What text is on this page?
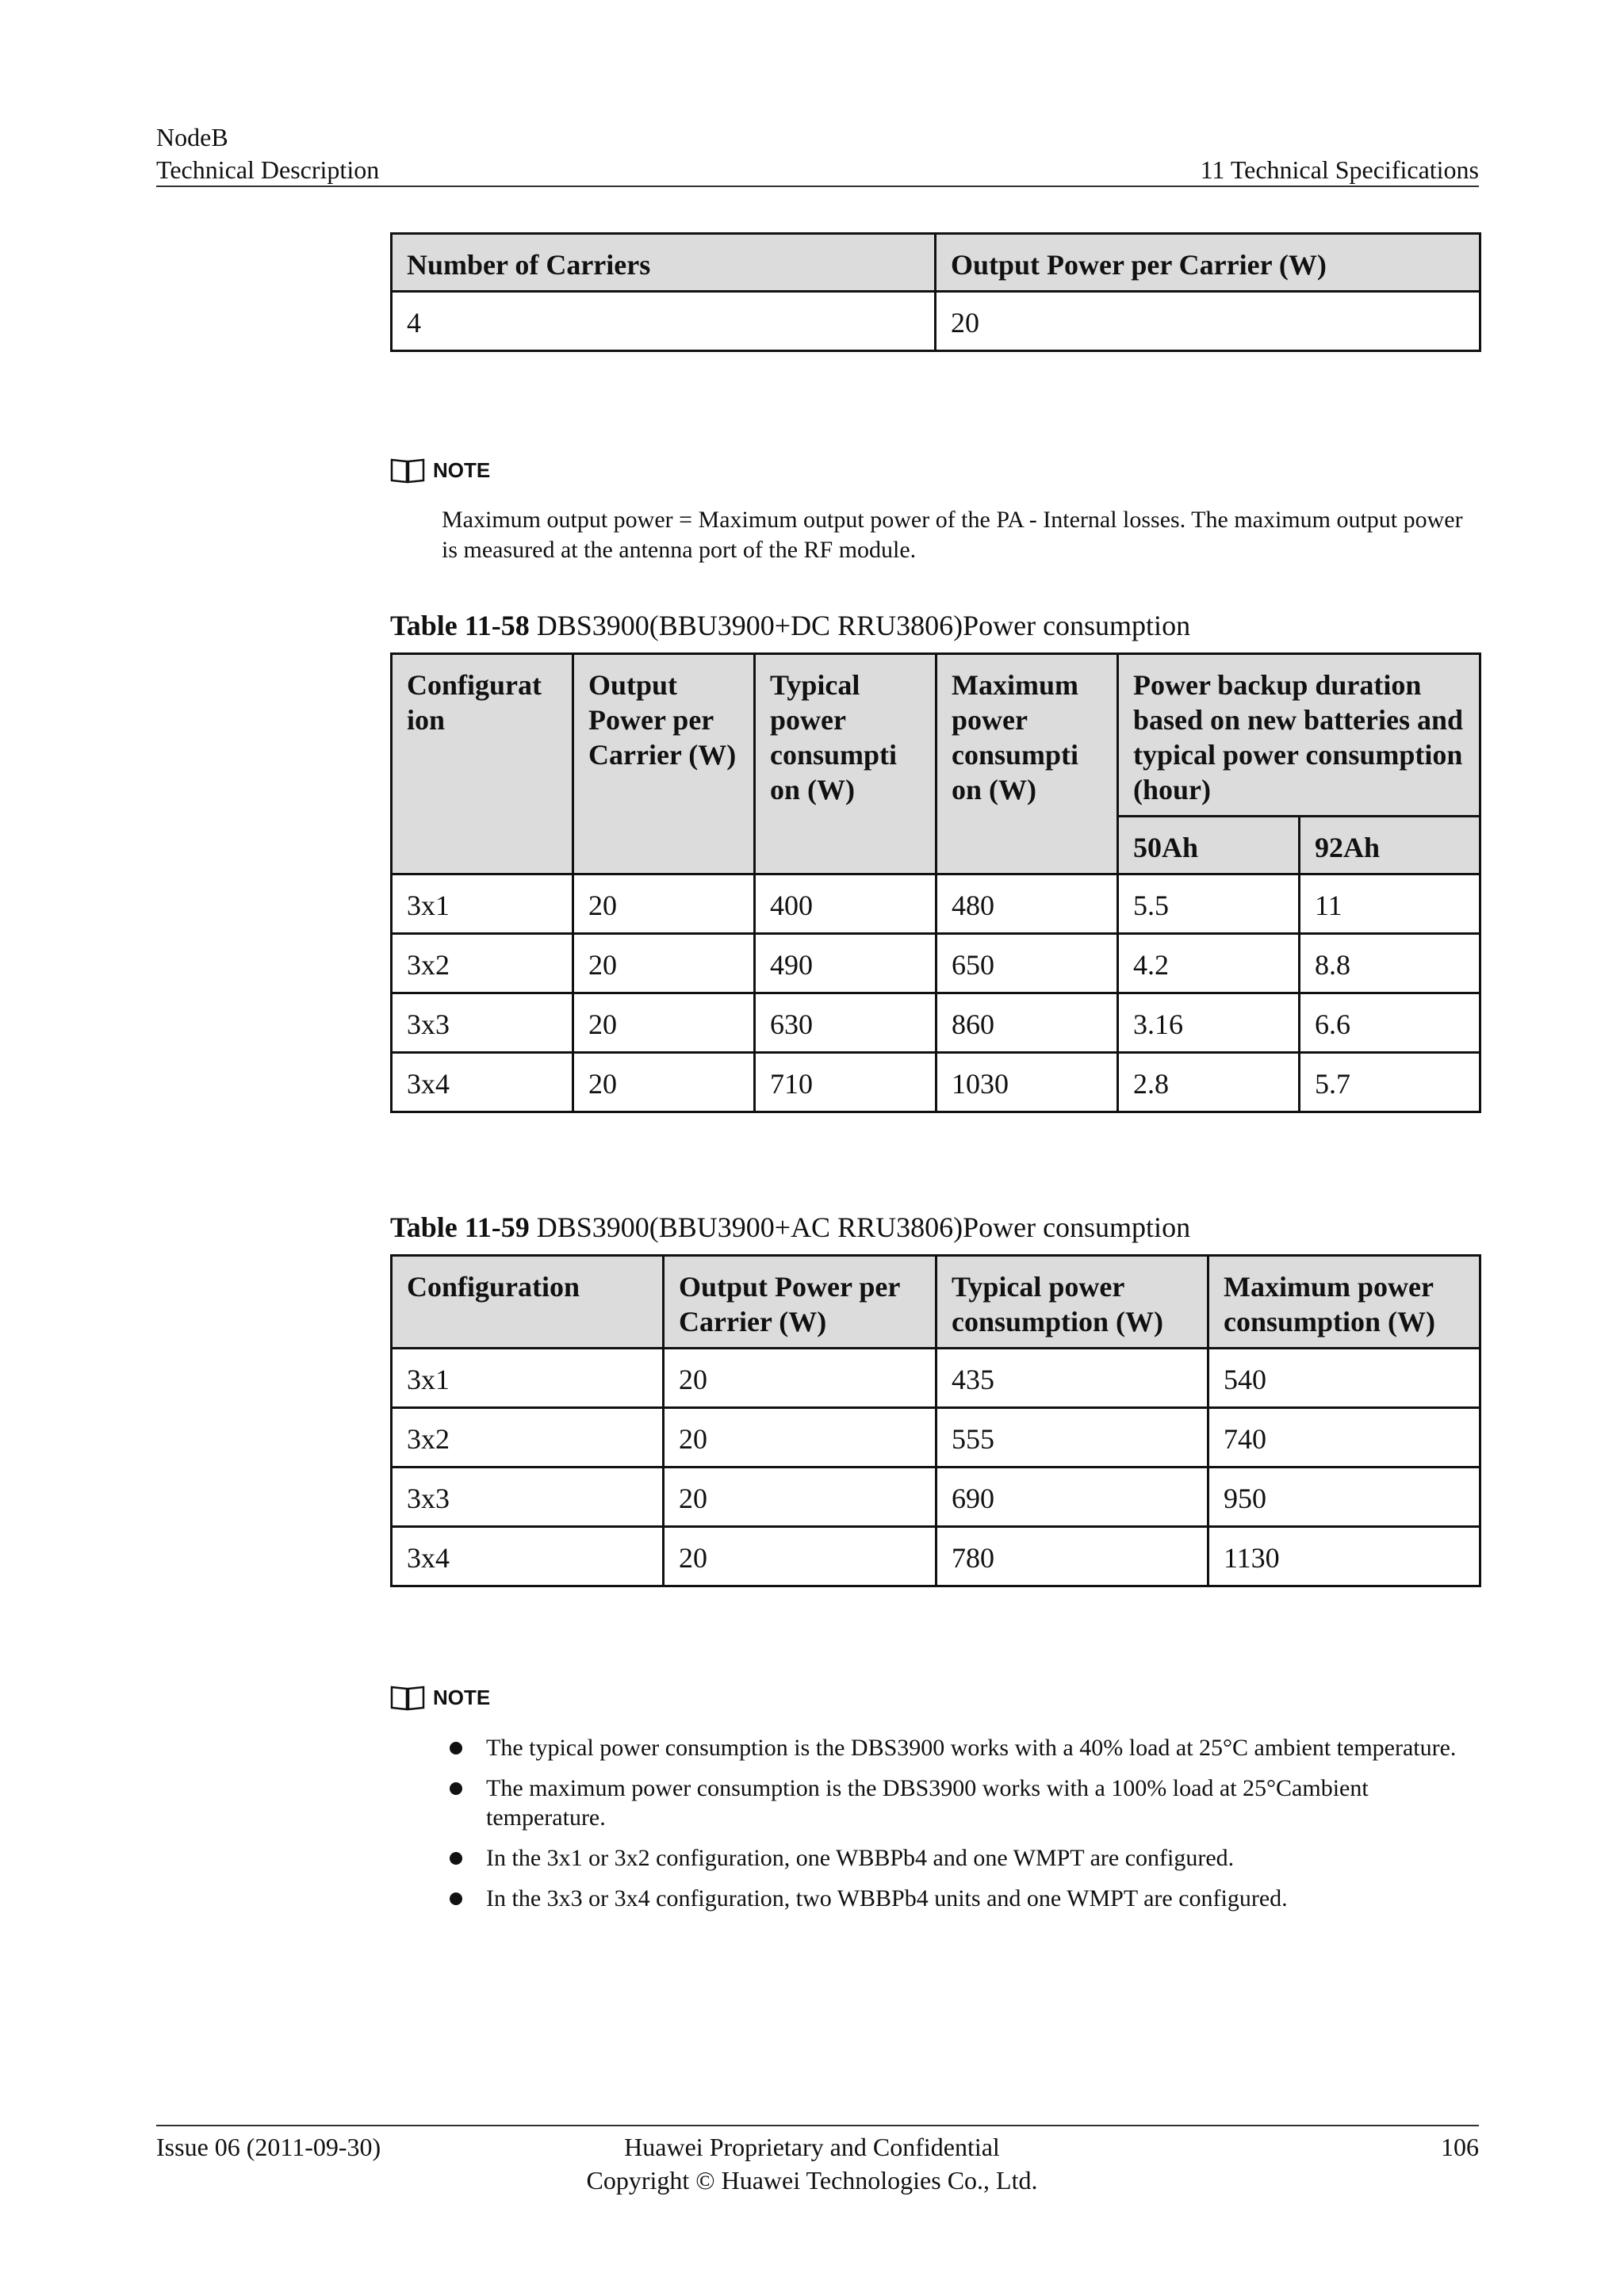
NodeB
Technical Description	11 Technical Specifications
Number of Carriers	Output Power per Carrier (W)
4	20
NOTE
Maximum output power = Maximum output power of the PA - Internal losses. The maximum output power is measured at the antenna port of the RF module.
Table 11-58 DBS3900(BBU3900+DC RRU3806)Power consumption
Configurat ion	Output Power per Carrier (W)	Typical power consumpti on (W)	Maximum power consumpti on (W)	Power backup duration based on new batteries and typical power consumption (hour)	
				50Ah	92Ah
3x1	20	400	480	5.5	11
3x2	20	490	650	4.2	8.8
3x3	20	630	860	3.16	6.6
3x4	20	710	1030	2.8	5.7
Table 11-59 DBS3900(BBU3900+AC RRU3806)Power consumption
Configuration	Output Power per Carrier (W)	Typical power consumption (W)	Maximum power consumption (W)
3x1	20	435	540
3x2	20	555	740
3x3	20	690	950
3x4	20	780	1130
NOTE
The typical power consumption is the DBS3900 works with a 40% load at 25°C ambient temperature.
The maximum power consumption is the DBS3900 works with a 100% load at 25°Cambient temperature.
In the 3x1 or 3x2 configuration, one WBBPb4 and one WMPT are configured.
In the 3x3 or 3x4 configuration, two WBBPb4 units and one WMPT are configured.
Issue 06 (2011-09-30)	Huawei Proprietary and Confidential
Copyright © Huawei Technologies Co., Ltd.
106
